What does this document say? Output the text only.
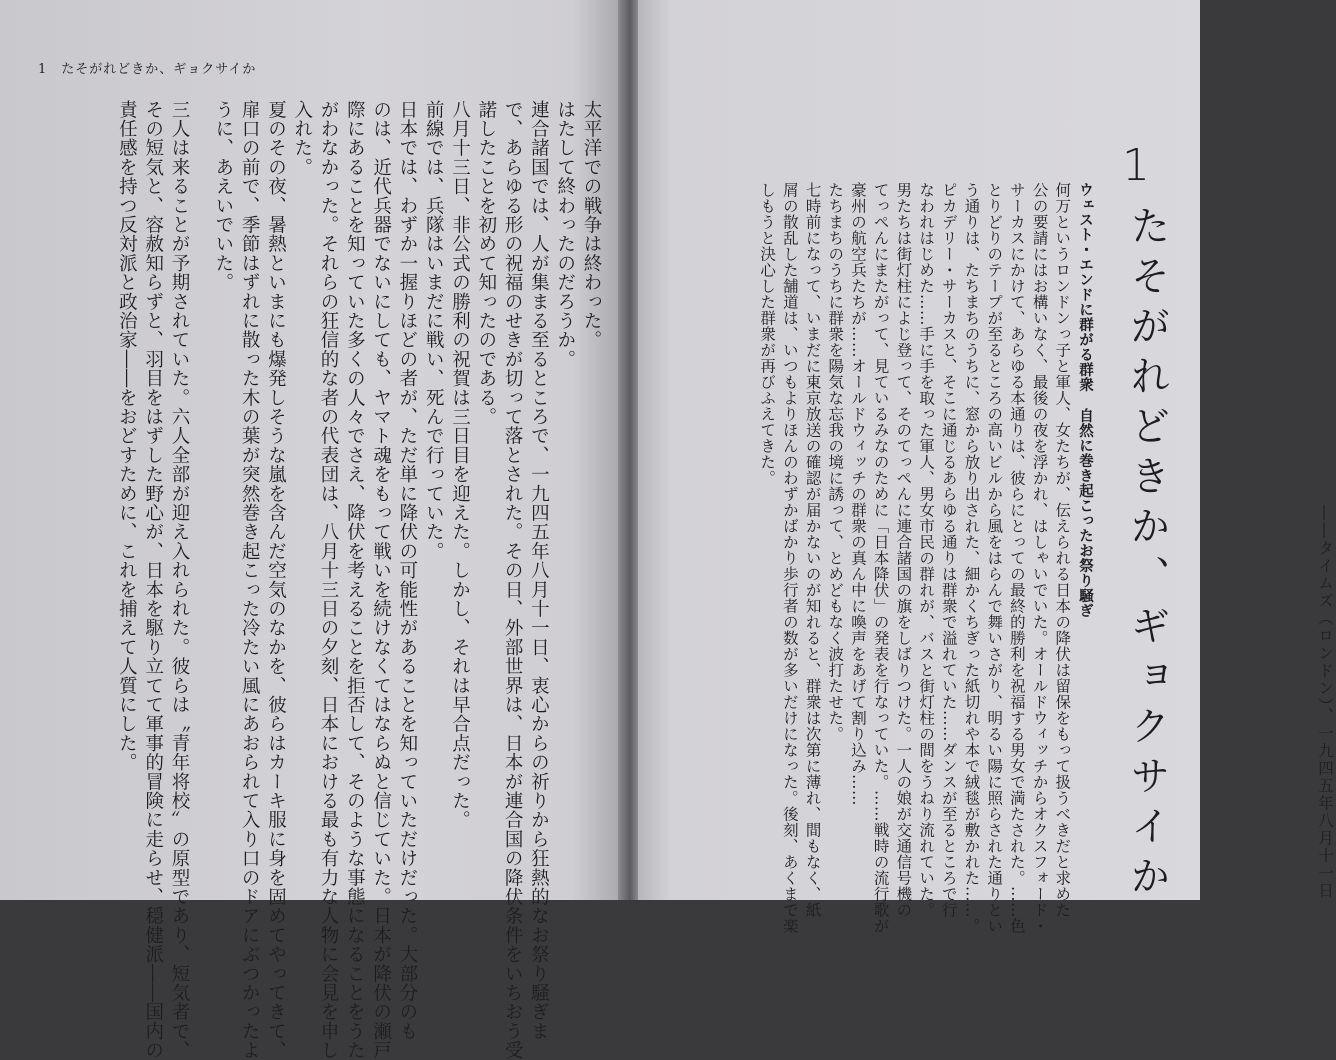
1　たそがれどきか、ギョクサイか

太平洋での戦争は終わった。

はたして終わったのだろうか。

連合諸国では、人が集まる至るところで、一九四五年八月十一日、衷心からの祈りから狂熱的なお祭り騒ぎま

で、あらゆる形の祝福のせきが切って落とされた。その日、外部世界は、日本が連合国の降伏条件をいちおう受

諾したことを初めて知ったのである。

八月十三日、非公式の勝利の祝賀は三日目を迎えた。しかし、それは早合点だった。

前線では、兵隊はいまだに戦い、死んで行っていた。

日本では、わずか一握りほどの者が、ただ単に降伏の可能性があることを知っていただけだった。大部分のも

のは、近代兵器でないにしても、ヤマト魂をもって戦いを続けなくてはならぬと信じていた。日本が降伏の瀬戸

際にあることを知っていた多くの人々でさえ、降伏を考えることを拒否して、そのような事態になることをうた

がわなかった。それらの狂信的な者の代表団は、八月十三日の夕刻、日本における最も有力な人物に会見を申し

入れた。

夏のその夜、暑熱といまにも爆発しそうな嵐を含んだ空気のなかを、彼らはカーキ服に身を固めてやってきて、

扉口の前で、季節はずれに散った木の葉が突然巻き起こった冷たい風にあおられて入り口のドアにぶつかったよ

うに、あえいでいた。

三人は来ることが予期されていた。六人全部が迎え入れられた。彼らは〝青年将校〟の原型であり、短気者で、

その短気と、容赦知らずと、羽目をはずした野心が、日本を駆り立てて軍事的冒険に走らせ、穏健派――国内の

責任感を持つ反対派と政治家――をおどすために、これを捕えて人質にした。	1
たそがれどきか、ギョクサイか

ウェスト・エンドに群がる群衆　自然に巻き起こったお祭り騒ぎ

何万というロンドンっ子と軍人、女たちが、伝えられる日本の降伏は留保をもって扱うべきだと求めた

公の要請にはお構いなく、最後の夜を浮かれ、はしゃいでいた。オールドウィッチからオクスフォード・

サーカスにかけて、あらゆる本通りは、彼らにとっての最終的勝利を祝福する男女で満たされた。……色

とりどりのテープが至るところの高いビルから風をはらんで舞いさがり、明るい陽に照らされた通りとい

う通りは、たちまちのうちに、窓から放り出された、細かくちぎった紙切れや本で絨毯が敷かれた……。

ピカデリー・サーカスと、そこに通じるあらゆる通りは群衆で溢れていた……ダンスが至るところで行

なわれはじめた……手に手を取った軍人、男女市民の群れが、バスと街灯柱の間をうねり流れていた。

男たちは街灯柱によじ登って、そのてっぺんに連合諸国の旗をしばりつけた。一人の娘が交通信号機の

てっぺんにまたがって、見ているみなのために「日本降伏」の発表を行なっていた。……戦時の流行歌が

豪州の航空兵たちが……オールドウィッチの群衆の真ん中に喚声をあげて割り込み……

たちまちのうちに群衆を陽気な忘我の境に誘って、とめどもなく波打たせた。

七時前になって、いまだに東京放送の確認が届かないのが知れると、群衆は次第に薄れ、間もなく、紙

屑の散乱した舗道は、いつもよりほんのわずかばかり歩行者の数が多いだけになった。後刻、あくまで楽

しもうと決心した群衆が再びふえてきた。

――タイムズ（ロンドン）、一九四五年八月十一日
